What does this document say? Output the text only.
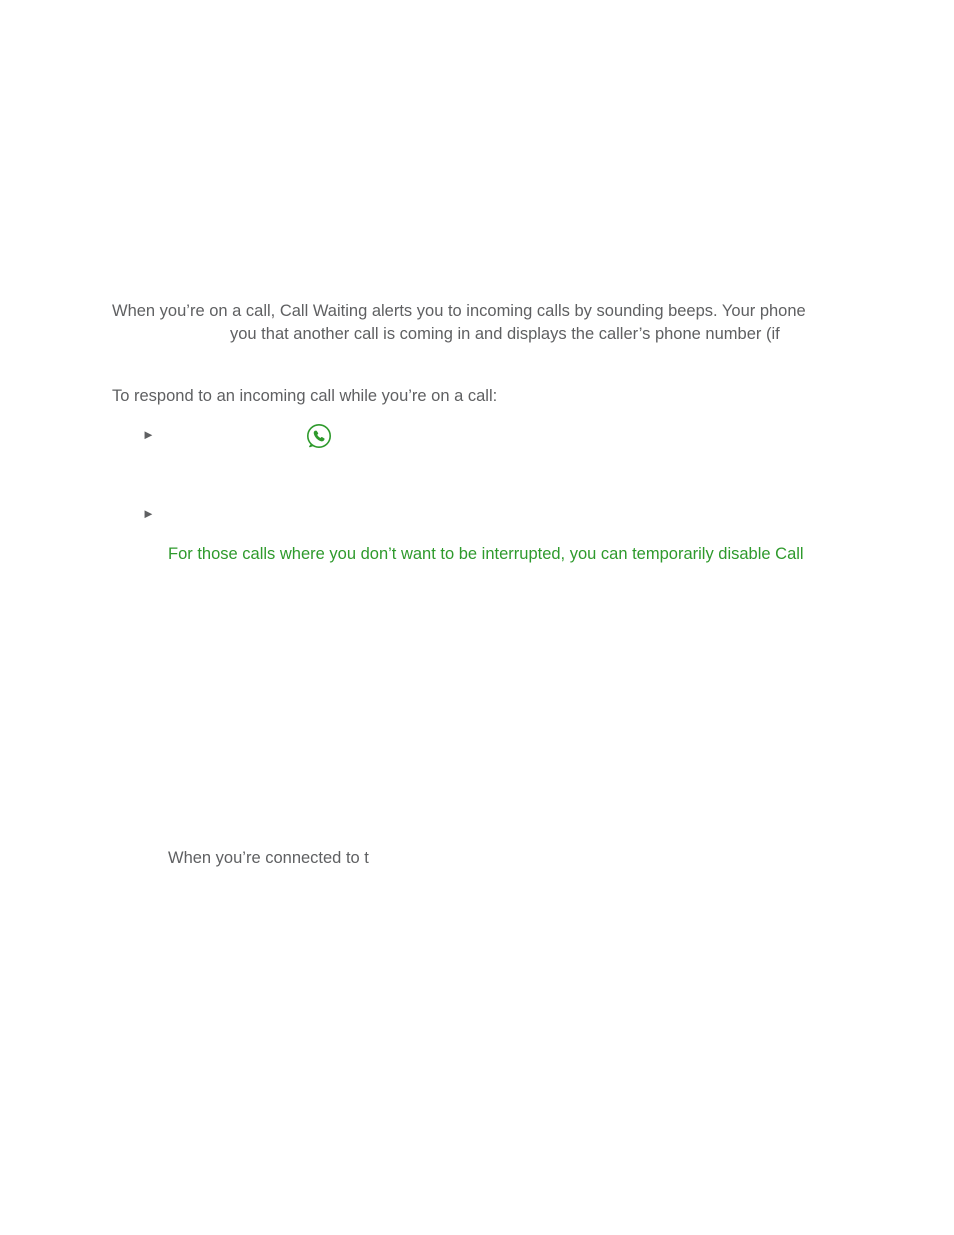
When you’re on a call, Call Waiting alerts you to incoming calls by sounding beeps. Your phone
you that another call is coming in and displays the caller’s phone number (if
To respond to an incoming call while you’re on a call:
►
►
For those calls where you don’t want to be interrupted, you can temporarily disable Call
When you’re connected to t
